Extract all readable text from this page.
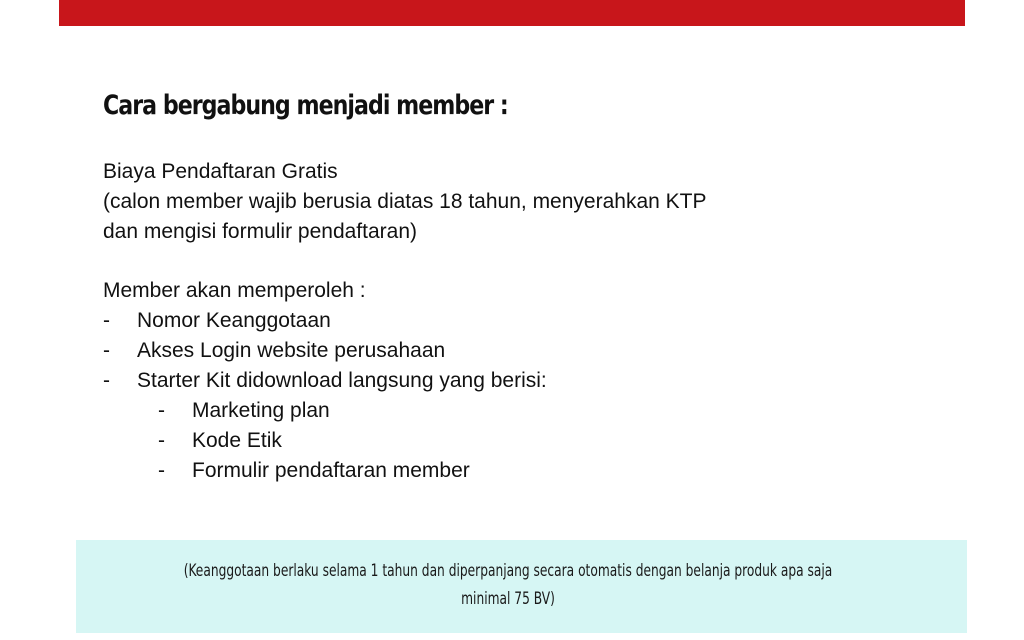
Cara bergabung menjadi member :
Biaya Pendaftaran Gratis
(calon member wajib berusia diatas 18 tahun, menyerahkan KTP
dan mengisi formulir pendaftaran)
Member akan memperoleh :
- Nomor Keanggotaan
- Akses Login website perusahaan
- Starter Kit didownload langsung yang berisi:
- Marketing plan
- Kode Etik
- Formulir pendaftaran member
(Keanggotaan berlaku selama 1 tahun dan diperpanjang secara otomatis dengan belanja produk apa saja
minimal 75 BV)
